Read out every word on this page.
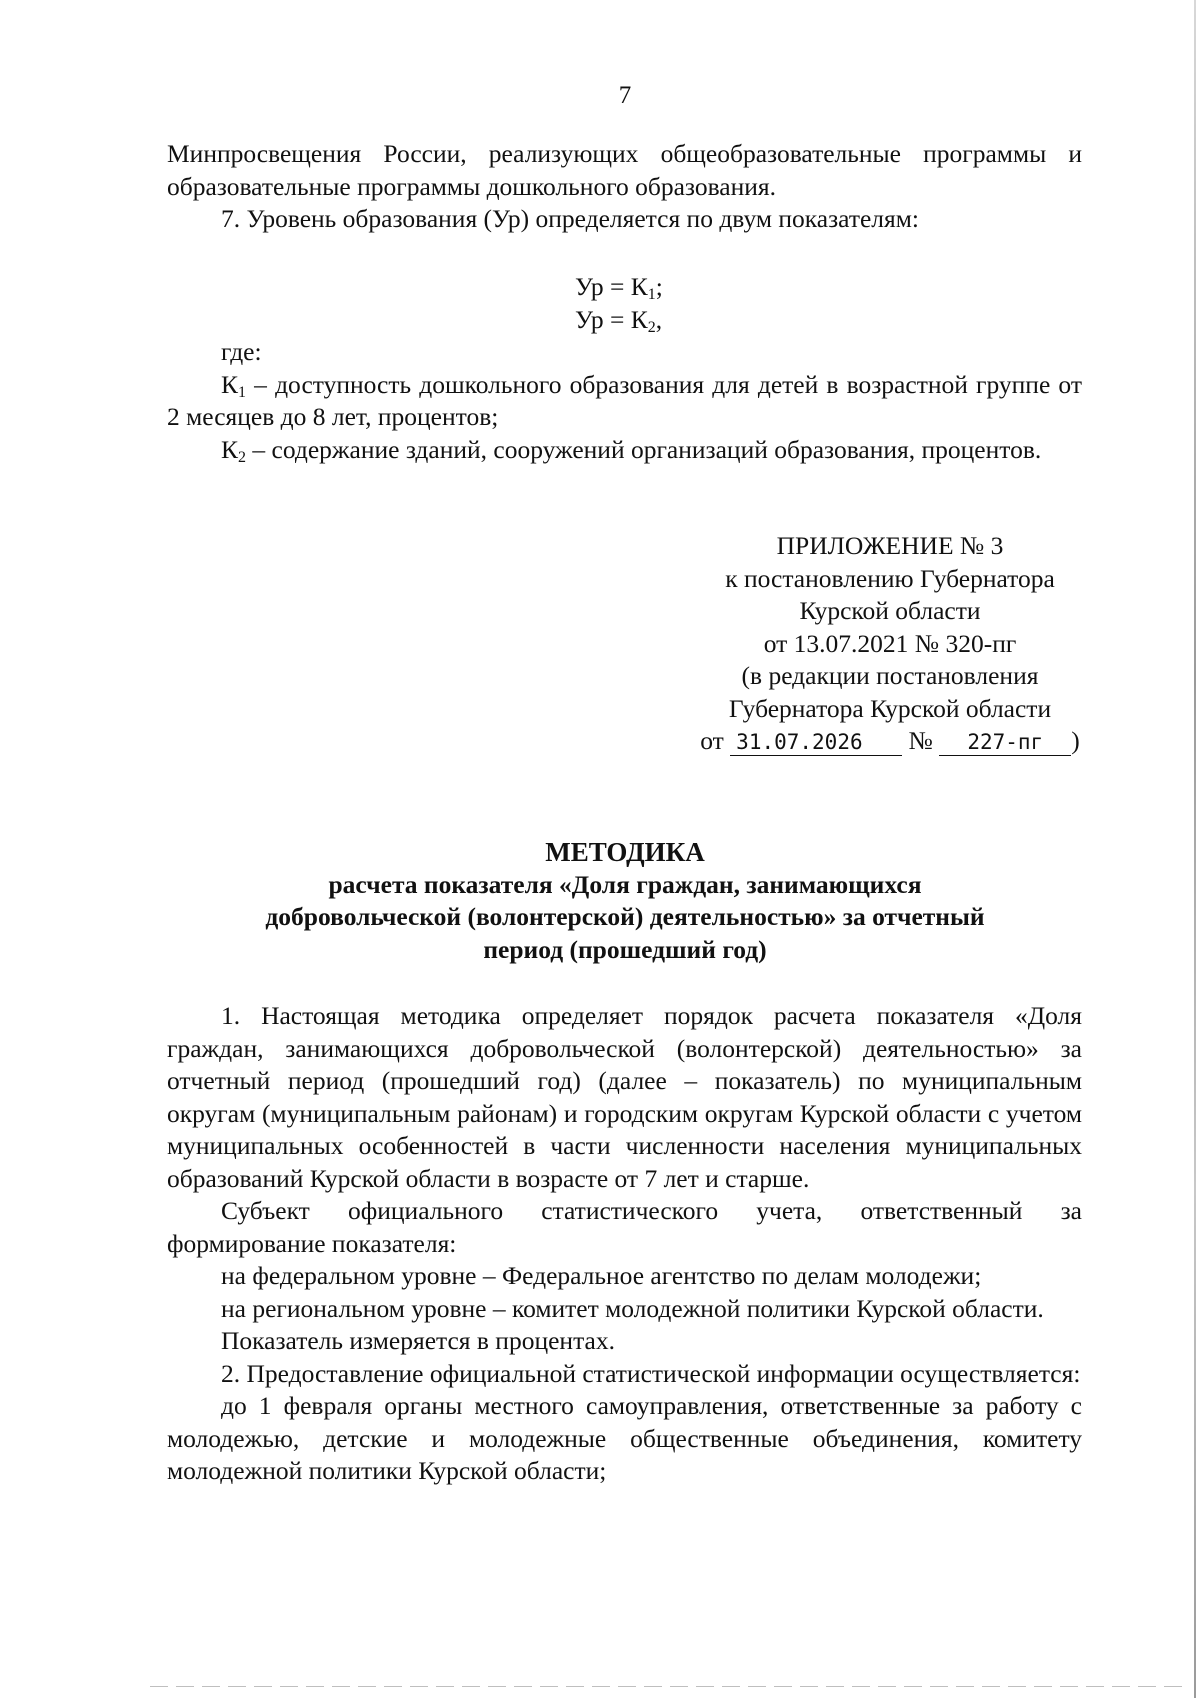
7

Минпросвещения России, реализующих общеобразовательные программы и образовательные программы дошкольного образования.

7. Уровень образования (Ур) определяется по двум показателям:

Ур = $К_1$;
Ур = $К_2$,

где:

$К_1$ – доступность дошкольного образования для детей в возрастной группе от 2 месяцев до 8 лет, процентов;

$К_2$ – содержание зданий, сооружений организаций образования, процентов.

ПРИЛОЖЕНИЕ № 3
к постановлению Губернатора
Курской области
от 13.07.2021 № 320-пг
(в редакции постановления
Губернатора Курской области
от 31.07.2026 № 227-пг )
МЕТОДИКА
расчета показателя «Доля граждан, занимающихся
добровольческой (волонтерской) деятельностью» за отчетный
период (прошедший год)

1. Настоящая методика определяет порядок расчета показателя «Доля граждан, занимающихся добровольческой (волонтерской) деятельностью» за отчетный период (прошедший год) (далее – показатель) по муниципальным округам (муниципальным районам) и городским округам Курской области с учетом муниципальных особенностей в части численности населения муниципальных образований Курской области в возрасте от 7 лет и старше.

Субъект официального статистического учета, ответственный за формирование показателя:

на федеральном уровне – Федеральное агентство по делам молодежи;

на региональном уровне – комитет молодежной политики Курской области.

Показатель измеряется в процентах.

2. Предоставление официальной статистической информации осуществляется:

до 1 февраля органы местного самоуправления, ответственные за работу с молодежью, детские и молодежные общественные объединения, комитету молодежной политики Курской области;
